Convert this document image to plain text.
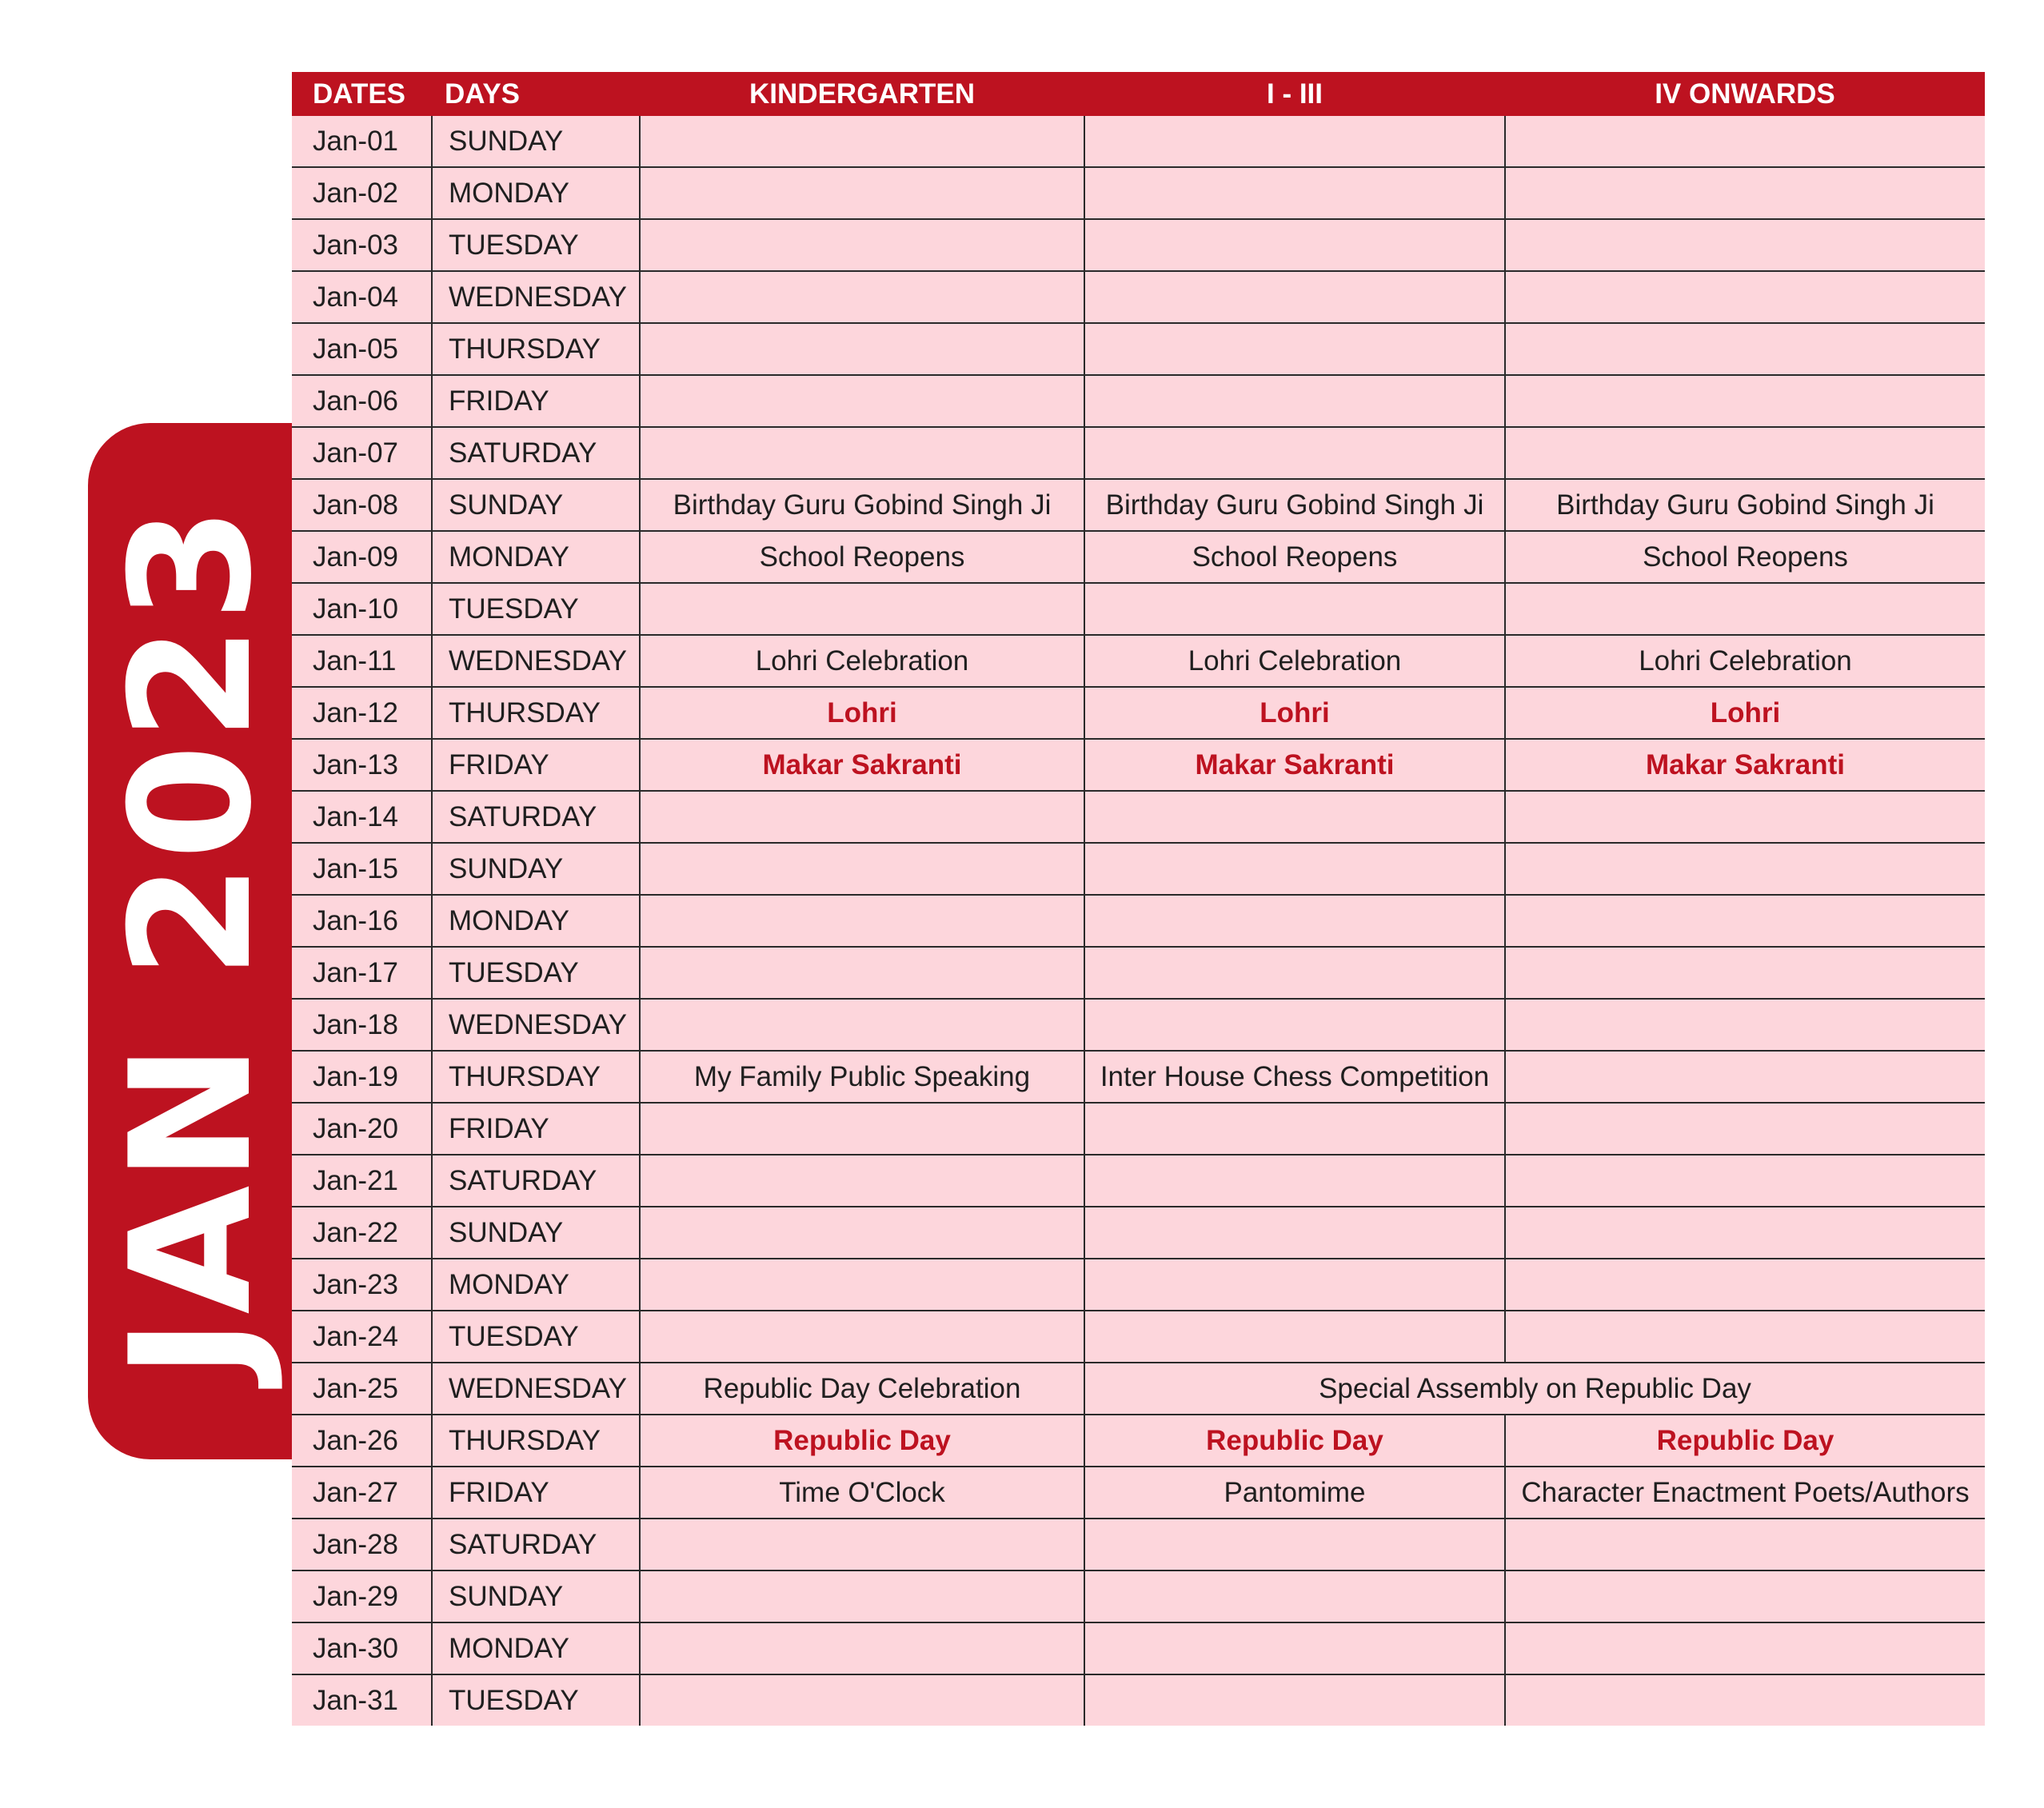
JAN 2023
DATES	DAYS	KINDERGARTEN	I - III	IV ONWARDS
Jan-01	SUNDAY			
Jan-02	MONDAY			
Jan-03	TUESDAY			
Jan-04	WEDNESDAY			
Jan-05	THURSDAY			
Jan-06	FRIDAY			
Jan-07	SATURDAY			
Jan-08	SUNDAY	Birthday Guru Gobind Singh Ji	Birthday Guru Gobind Singh Ji	Birthday Guru Gobind Singh Ji
Jan-09	MONDAY	School Reopens	School Reopens	School Reopens
Jan-10	TUESDAY			
Jan-11	WEDNESDAY	Lohri Celebration	Lohri Celebration	Lohri Celebration
Jan-12	THURSDAY	Lohri	Lohri	Lohri
Jan-13	FRIDAY	Makar Sakranti	Makar Sakranti	Makar Sakranti
Jan-14	SATURDAY			
Jan-15	SUNDAY			
Jan-16	MONDAY			
Jan-17	TUESDAY			
Jan-18	WEDNESDAY			
Jan-19	THURSDAY	My Family Public Speaking	Inter House Chess Competition	
Jan-20	FRIDAY			
Jan-21	SATURDAY			
Jan-22	SUNDAY			
Jan-23	MONDAY			
Jan-24	TUESDAY			
Jan-25	WEDNESDAY	Republic Day Celebration	Special Assembly on Republic Day	
Jan-26	THURSDAY	Republic Day	Republic Day	Republic Day
Jan-27	FRIDAY	Time O'Clock	Pantomime	Character Enactment Poets/Authors
Jan-28	SATURDAY			
Jan-29	SUNDAY			
Jan-30	MONDAY			
Jan-31	TUESDAY			
